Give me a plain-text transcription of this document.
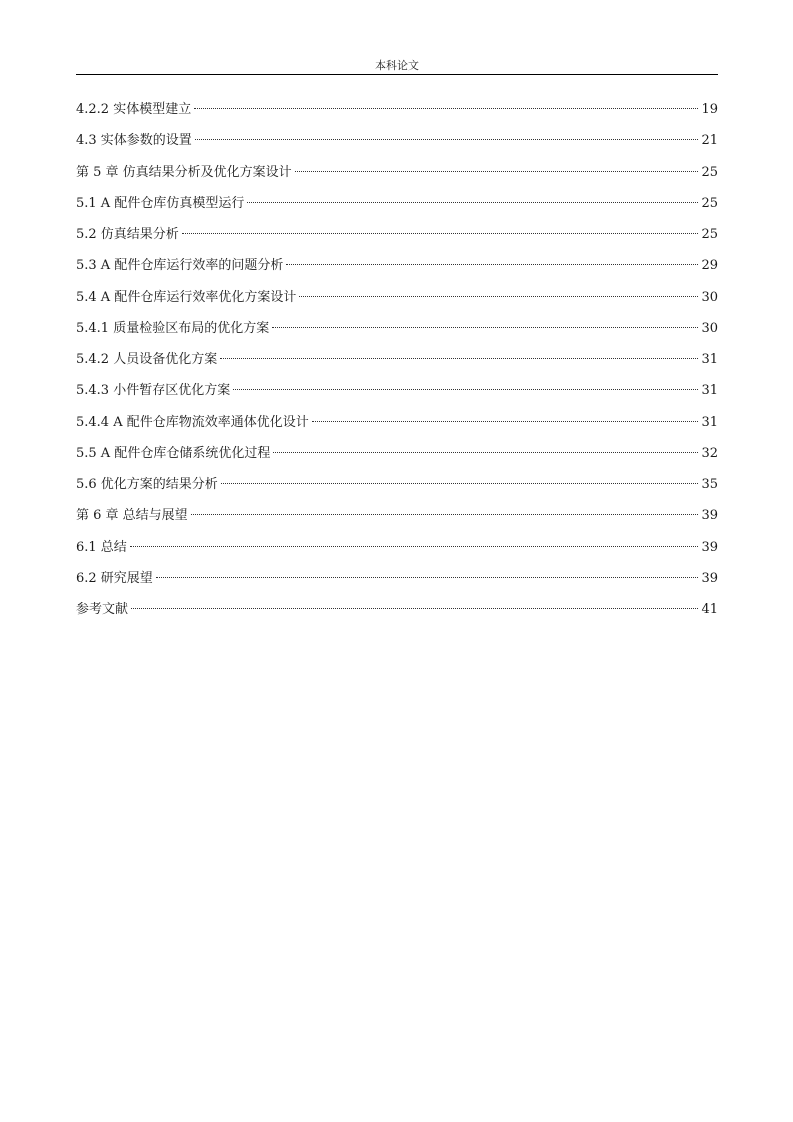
本科论文
4.2.2 实体模型建立	19
4.3 实体参数的设置	21
第 5 章 仿真结果分析及优化方案设计	25
5.1 A 配件仓库仿真模型运行	25
5.2 仿真结果分析	25
5.3 A 配件仓库运行效率的问题分析	29
5.4 A 配件仓库运行效率优化方案设计	30
5.4.1 质量检验区布局的优化方案	30
5.4.2 人员设备优化方案	31
5.4.3 小件暂存区优化方案	31
5.4.4 A 配件仓库物流效率通体优化设计	31
5.5 A 配件仓库仓储系统优化过程	32
5.6 优化方案的结果分析	35
第 6 章 总结与展望	39
6.1 总结	39
6.2 研究展望	39
参考文献	41
